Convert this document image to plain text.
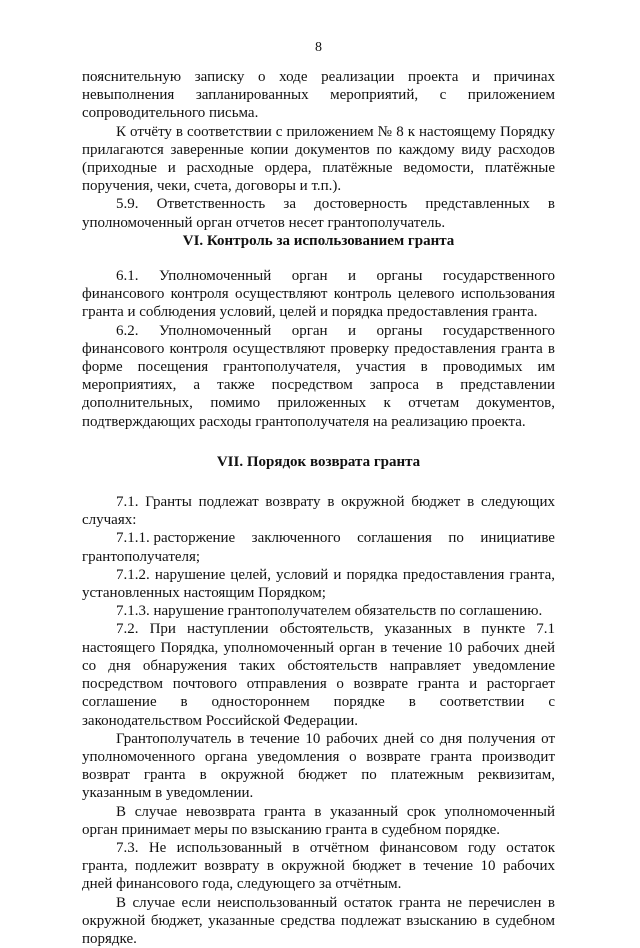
8

пояснительную записку о ходе реализации проекта и причинах невыполнения запланированных мероприятий, с приложением сопроводительного письма.

К отчёту в соответствии с приложением № 8 к настоящему Порядку прилагаются заверенные копии документов по каждому виду расходов (приходные и расходные ордера, платёжные ведомости, платёжные поручения, чеки, счета, договоры и т.п.).

5.9. Ответственность за достоверность представленных в уполномоченный орган отчетов несет грантополучатель.

VI. Контроль за использованием гранта

6.1. Уполномоченный орган и органы государственного финансового контроля осуществляют контроль целевого использования гранта и соблюдения условий, целей и порядка предоставления гранта.

6.2. Уполномоченный орган и органы государственного финансового контроля осуществляют проверку предоставления гранта в форме посещения грантополучателя, участия в проводимых им мероприятиях, а также посредством запроса в представлении дополнительных, помимо приложенных к отчетам документов, подтверждающих расходы грантополучателя на реализацию проекта.

VII. Порядок возврата гранта

7.1. Гранты подлежат возврату в окружной бюджет в следующих случаях:

7.1.1. расторжение заключенного соглашения по инициативе

грантополучателя;

7.1.2. нарушение целей, условий и порядка предоставления гранта, установленных настоящим Порядком;

7.1.3. нарушение грантополучателем обязательств по соглашению.

7.2. При наступлении обстоятельств, указанных в пункте 7.1 настоящего Порядка, уполномоченный орган в течение 10 рабочих дней со дня обнаружения таких обстоятельств направляет уведомление посредством почтового отправления о возврате гранта и расторгает соглашение в одностороннем порядке в соответствии с законодательством Российской Федерации.

Грантополучатель в течение 10 рабочих дней со дня получения от уполномоченного органа уведомления о возврате гранта производит возврат гранта в окружной бюджет по платежным реквизитам, указанным в уведомлении.

В случае невозврата гранта в указанный срок уполномоченный орган принимает меры по взысканию гранта в судебном порядке.

7.3. Не использованный в отчётном финансовом году остаток гранта, подлежит возврату в окружной бюджет в течение 10 рабочих дней финансового года, следующего за отчётным.

В случае если неиспользованный остаток гранта не перечислен в окружной бюджет, указанные средства подлежат взысканию в судебном порядке.
